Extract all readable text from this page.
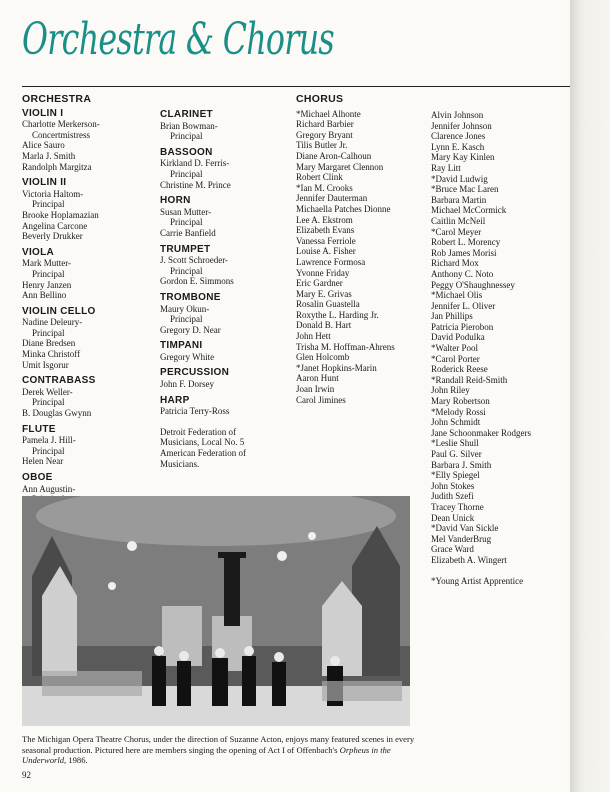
Orchestra & Chorus
ORCHESTRA
VIOLIN I
Charlotte Merkerson-
Concertmistress
Alice Sauro
Marla J. Smith
Randolph Margitza
VIOLIN II
Victoria Haltom-
Principal
Brooke Hoplamazian
Angelina Carcone
Beverly Drukker
VIOLA
Mark Mutter-
Principal
Henry Janzen
Ann Bellino
VIOLIN CELLO
Nadine Deleury-
Principal
Diane Bredsen
Minka Christoff
Umit Isgorur
CONTRABASS
Derek Weller-
Principal
B. Douglas Gwynn
FLUTE
Pamela J. Hill-
Principal
Helen Near
OBOE
Ann Augustin-
CLARINET
Brian Bowman-
Principal
BASSOON
Kirkland D. Ferris-
Principal
Christine M. Prince
HORN
Susan Mutter-
Principal
Carrie Banfield
TRUMPET
J. Scott Schroeder-
Principal
Gordon E. Simmons
TROMBONE
Maury Okun-
Principal
Gregory D. Near
TIMPANI
Gregory White
PERCUSSION
John F. Dorsey
HARP
Patricia Terry-Ross
Detroit Federation of
Musicians, Local No. 5
American Federation of
Musicians.
CHORUS
*Michael Alhonte
Richard Barbier
Gregory Bryant
Tilis Butler Jr.
Diane Aron-Calhoun
Mary Margaret Clennon
Robert Clink
*Ian M. Crooks
Jennifer Dauterman
Michaella Patches Dionne
Lee A. Ekstrom
Elizabeth Evans
Vanessa Ferriole
Louise A. Fisher
Lawrence Formosa
Yvonne Friday
Eric Gardner
Mary E. Grivas
Rosalin Guastella
Roxythe L. Harding Jr.
Donald B. Hart
John Hett
Trisha M. Hoffman-Ahrens
Glen Holcomb
*Janet Hopkins-Marin
Aaron Hunt
Joan Irwin
Carol Jimines
Alvin Johnson
Jennifer Johnson
Clarence Jones
Lynn E. Kasch
Mary Kay Kinlen
Ray Litt
*David Ludwig
*Bruce Mac Laren
Barbara Martin
Michael McCormick
Caitlin McNeil
*Carol Meyer
Robert L. Morency
Rob James Morisi
Richard Mox
Anthony C. Noto
Peggy O'Shaughnessey
*Michael Olis
Jennifer L. Oliver
Jan Phillips
Patricia Pierobon
David Podulka
*Walter Pool
*Carol Porter
Roderick Reese
*Randall Reid-Smith
John Riley
Mary Robertson
*Melody Rossi
John Schmidt
Jane Schoonmaker Rodgers
*Leslie Shull
Paul G. Silver
Barbara J. Smith
*Elly Spiegel
John Stokes
Judith Szefi
Tracey Thorne
Dean Unick
*David Van Sickle
Mel VanderBrug
Grace Ward
Elizabeth A. Wingert
*Young Artist Apprentice
The Michigan Opera Theatre Chorus, under the direction of Suzanne Acton, enjoys many featured scenes in every seasonal production. Pictured here are members singing the opening of Act I of Offenbach's Orpheus in the Underworld, 1986.
92
